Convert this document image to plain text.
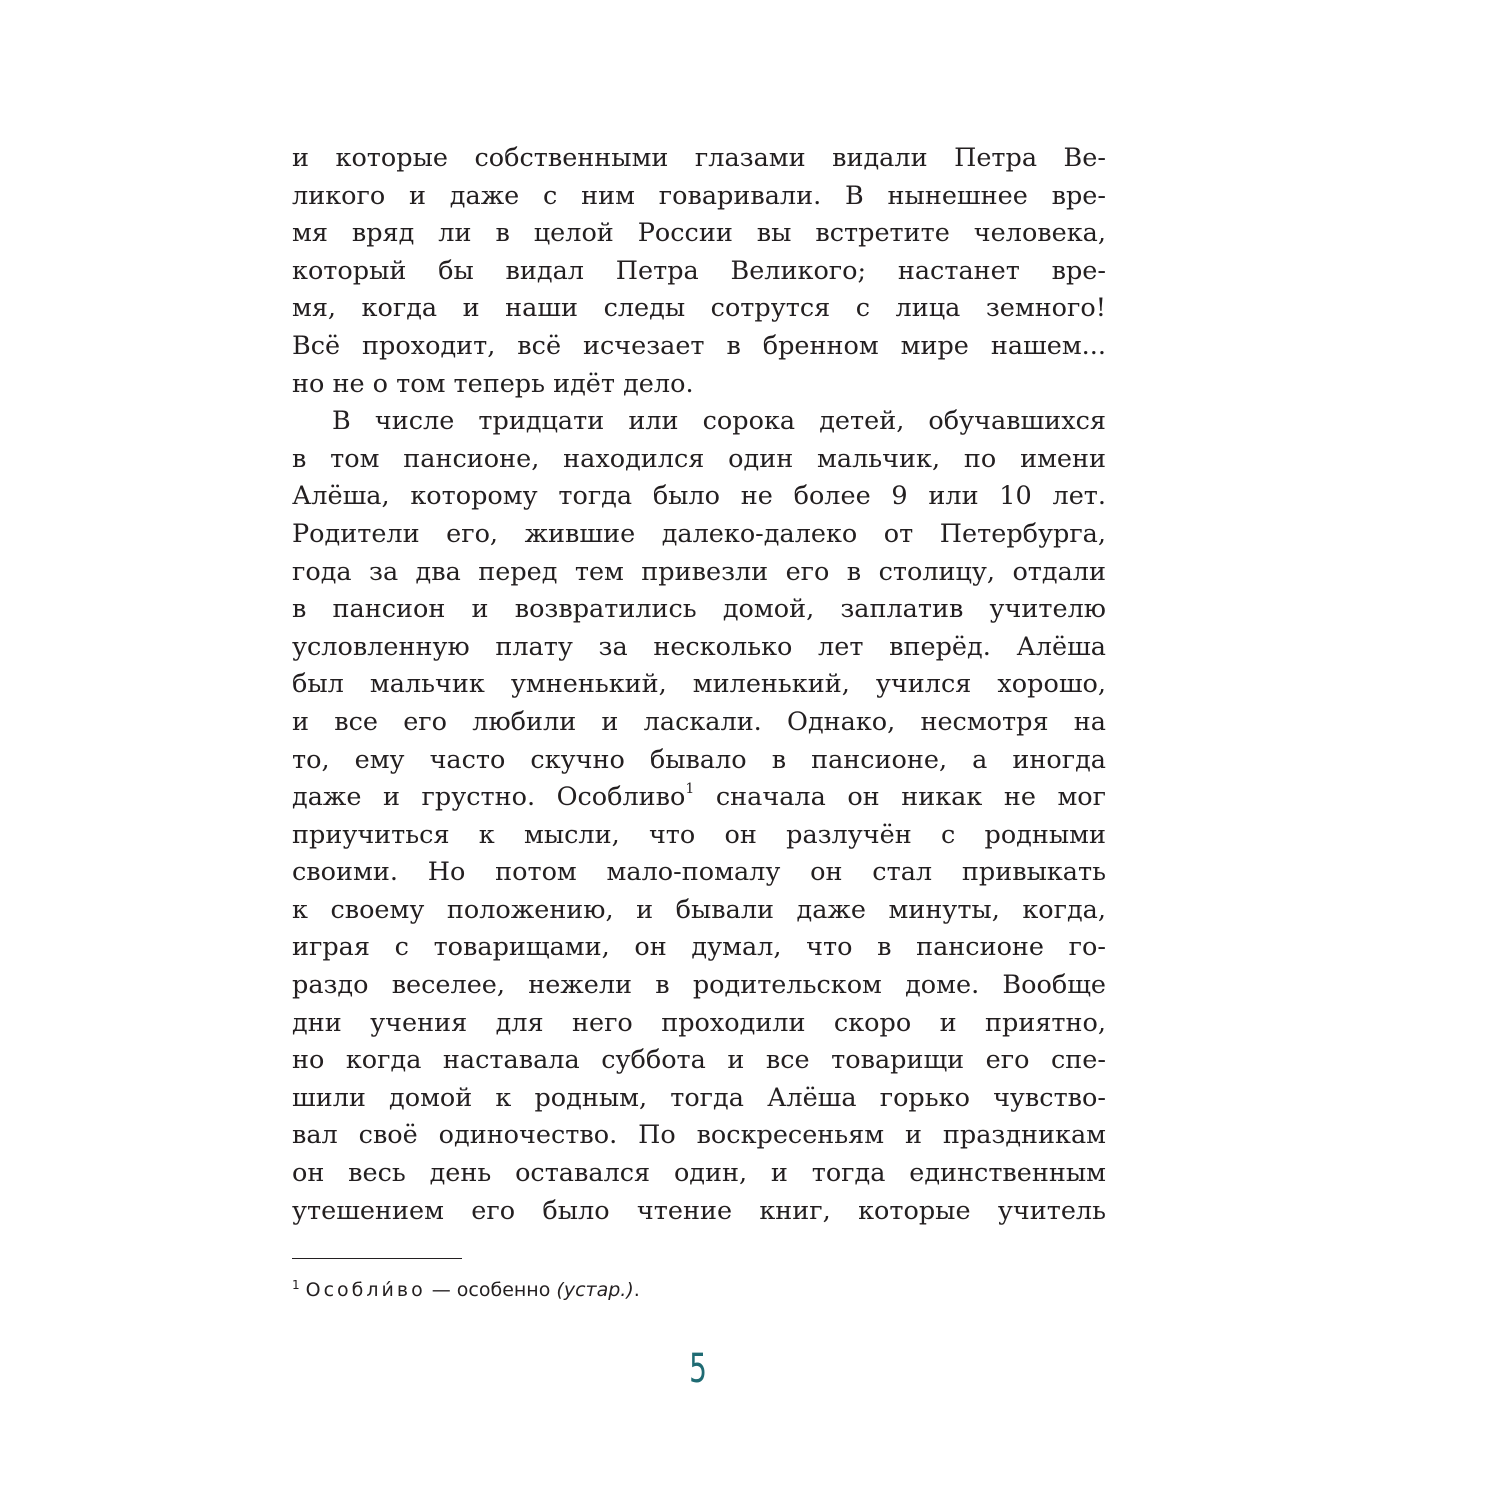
и которые собственными глазами видали Петра Ве-
ликого и даже с ним говаривали. В нынешнее вре-
мя вряд ли в целой России вы встретите человека,
который бы видал Петра Великого; настанет вре-
мя, когда и наши следы сотрутся с лица земного!
Всё проходит, всё исчезает в бренном мире нашем...
но не о том теперь идёт дело.
В числе тридцати или сорока детей, обучавшихся
в том пансионе, находился один мальчик, по имени
Алёша, которому тогда было не более 9 или 10 лет.
Родители его, жившие далеко-далеко от Петербурга,
года за два перед тем привезли его в столицу, отдали
в пансион и возвратились домой, заплатив учителю
условленную плату за несколько лет вперёд. Алёша
был мальчик умненький, миленький, учился хорошо,
и все его любили и ласкали. Однако, несмотря на
то, ему часто скучно бывало в пансионе, а иногда
даже и грустно. Особливо$^1$ сначала он никак не мог
приучиться к мысли, что он разлучён с родными
своими. Но потом мало-помалу он стал привыкать
к своему положению, и бывали даже минуты, когда,
играя с товарищами, он думал, что в пансионе го-
раздо веселее, нежели в родительском доме. Вообще
дни учения для него проходили скоро и приятно,
но когда наставала суббота и все товарищи его спе-
шили домой к родным, тогда Алёша горько чувство-
вал своё одиночество. По воскресеньям и праздникам
он весь день оставался один, и тогда единственным
утешением его было чтение книг, которые учитель
$^1$ Особли́во — особенно (устар.).
5
